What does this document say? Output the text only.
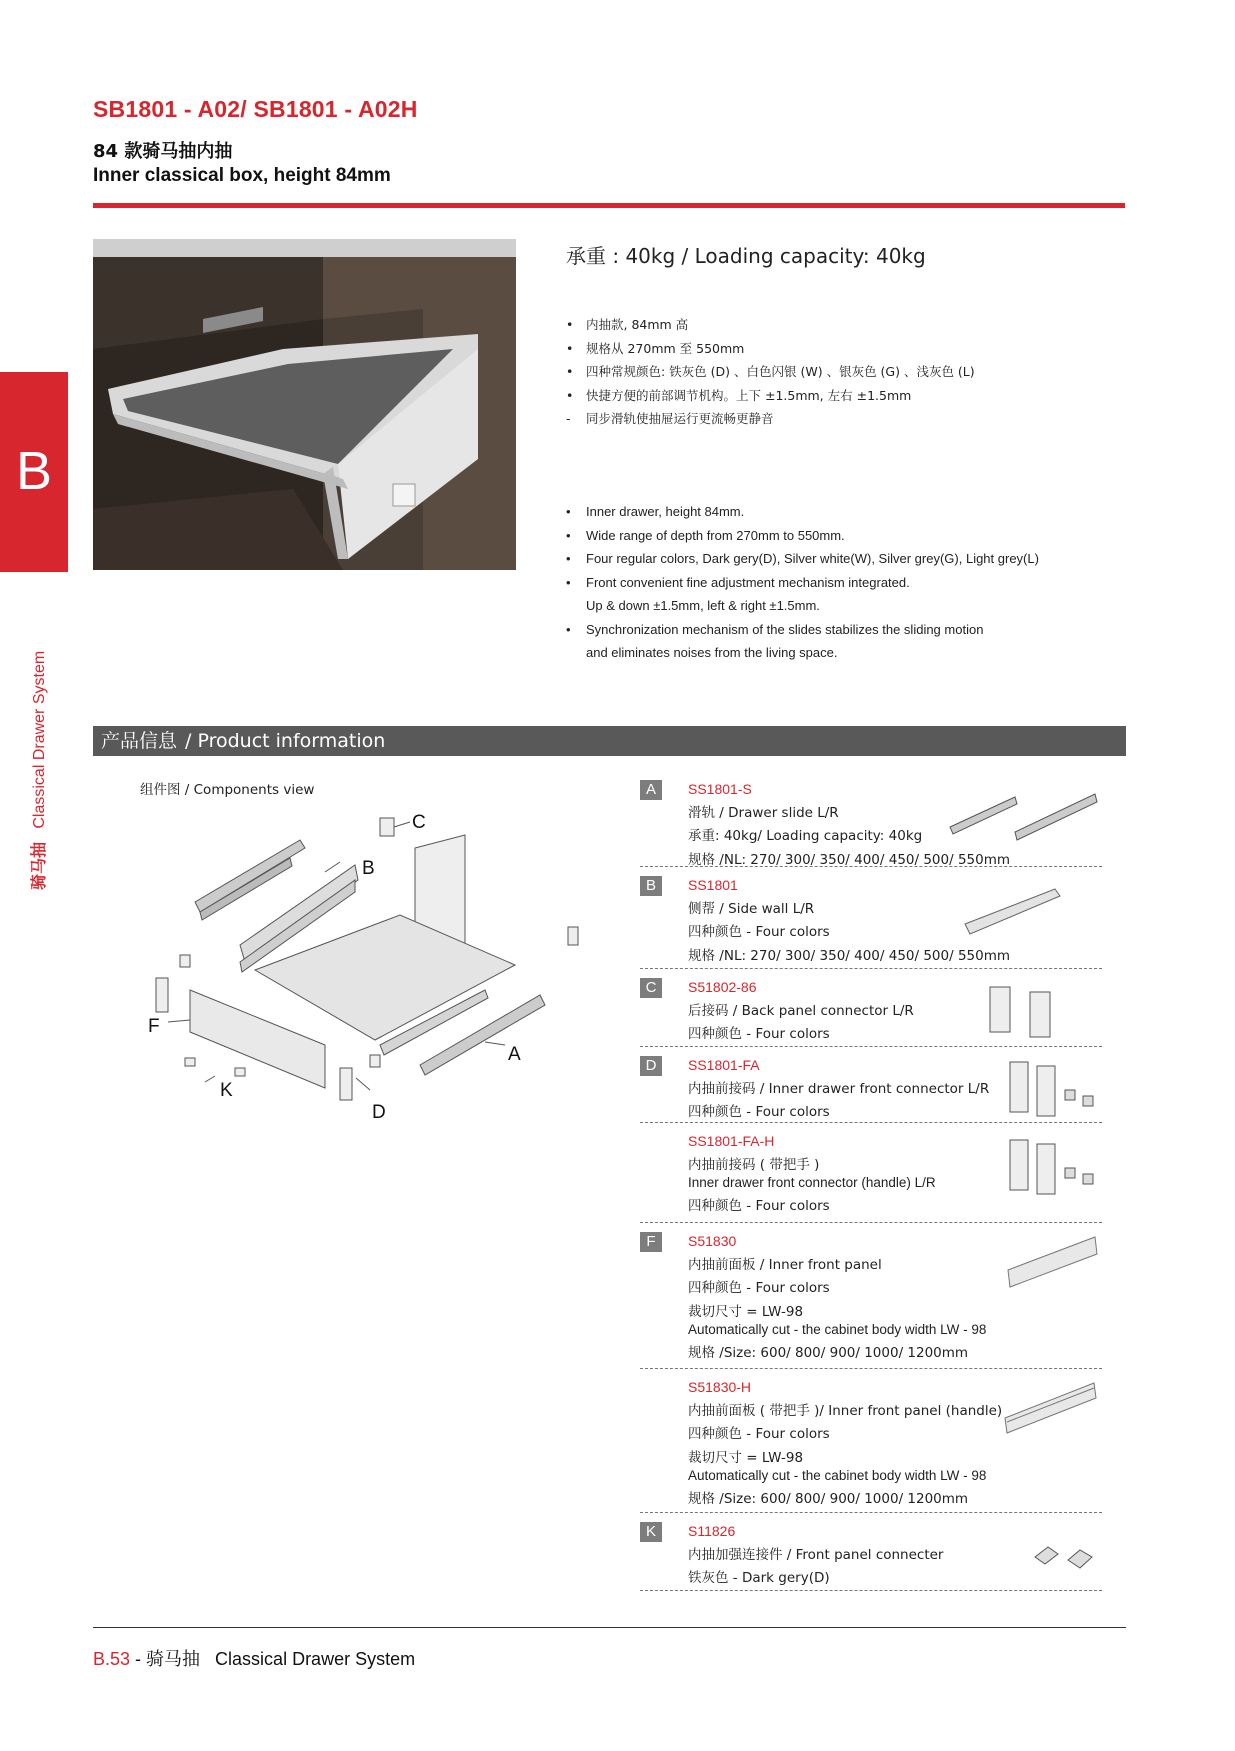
SB1801 - A02/ SB1801 - A02H
84 款骑马抽内抽
Inner classical box, height 84mm
B
骑马抽   Classical Drawer System
承重 : 40kg / Loading capacity: 40kg
• 内抽款, 84mm 高
• 规格从 270mm 至 550mm
• 四种常规颜色: 铁灰色 (D) 、白色闪银 (W) 、银灰色 (G) 、浅灰色 (L)
• 快捷方便的前部调节机构。上下 ±1.5mm, 左右 ±1.5mm
- 同步滑轨使抽屉运行更流畅更静音
• Inner drawer, height 84mm.
• Wide range of depth from 270mm to 550mm.
• Four regular colors, Dark gery(D), Silver white(W), Silver grey(G), Light grey(L)
• Front convenient fine adjustment mechanism integrated.
Up & down ±1.5mm, left & right ±1.5mm.
• Synchronization mechanism of the slides stabilizes the sliding motion
and eliminates noises from the living space.
产品信息 / Product information
组件图 / Components view
C
B
F
A
K
D
A	SS1801-S
滑轨 / Drawer slide L/R
承重: 40kg/ Loading capacity: 40kg
规格 /NL: 270/ 300/ 350/ 400/ 450/ 500/ 550mm
B	SS1801
侧帮 / Side wall L/R
四种颜色 - Four colors
规格 /NL: 270/ 300/ 350/ 400/ 450/ 500/ 550mm
C	S51802-86
后接码 / Back panel connector L/R
四种颜色 - Four colors
D	SS1801-FA
内抽前接码 / Inner drawer front connector L/R
四种颜色 - Four colors
SS1801-FA-H
内抽前接码 ( 带把手 )
Inner drawer front connector (handle) L/R
四种颜色 - Four colors
F	S51830
内抽前面板 / Inner front panel
四种颜色 - Four colors
裁切尺寸 = LW-98
Automatically cut - the cabinet body width LW - 98
规格 /Size: 600/ 800/ 900/ 1000/ 1200mm
S51830-H
内抽前面板 ( 带把手 )/ Inner front panel (handle)
四种颜色 - Four colors
裁切尺寸 = LW-98
Automatically cut - the cabinet body width LW - 98
规格 /Size: 600/ 800/ 900/ 1000/ 1200mm
K	S11826
内抽加强连接件 / Front panel connecter
铁灰色 - Dark gery(D)
B.53 - 骑马抽 Classical Drawer System
